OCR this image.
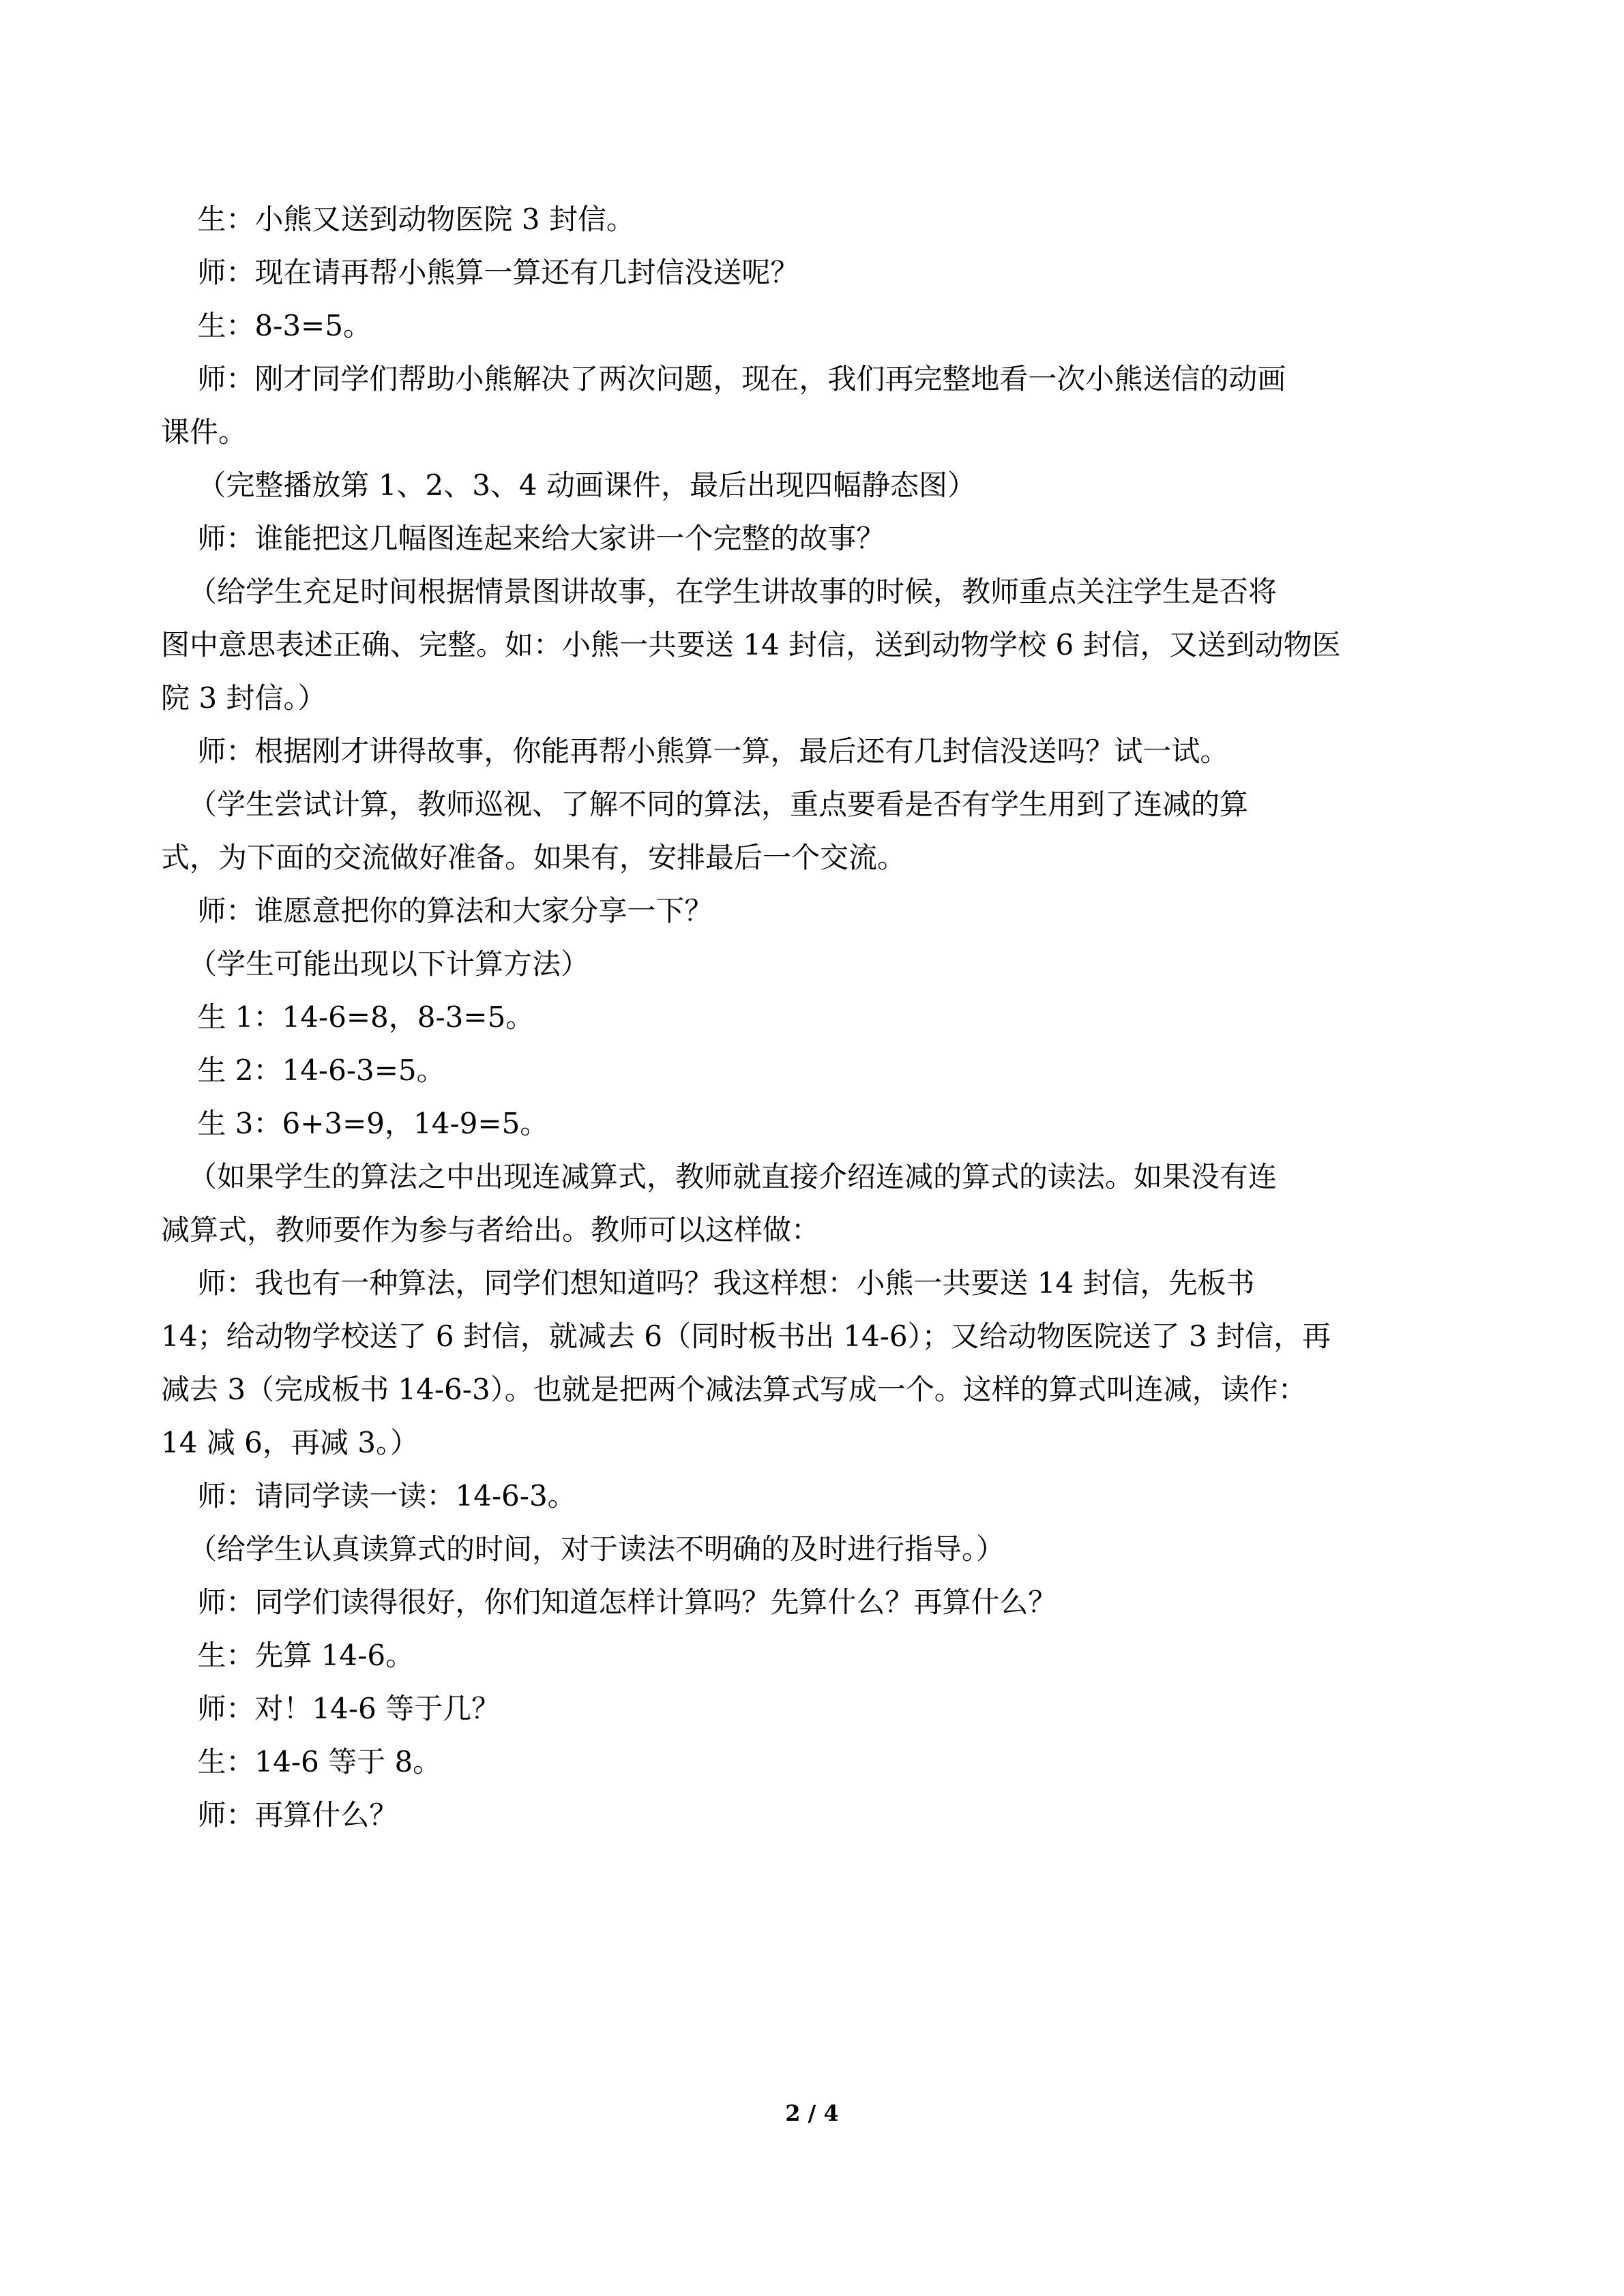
生：小熊又送到动物医院 3 封信。
师：现在请再帮小熊算一算还有几封信没送呢？
生：8-3=5。
师：刚才同学们帮助小熊解决了两次问题，现在，我们再完整地看一次小熊送信的动画
课件。
（完整播放第 1、2、3、4 动画课件，最后出现四幅静态图）
师：谁能把这几幅图连起来给大家讲一个完整的故事？
（给学生充足时间根据情景图讲故事，在学生讲故事的时候，教师重点关注学生是否将
图中意思表述正确、完整。如：小熊一共要送 14 封信，送到动物学校 6 封信，又送到动物医
院 3 封信。）
师：根据刚才讲得故事，你能再帮小熊算一算，最后还有几封信没送吗？试一试。
（学生尝试计算，教师巡视、了解不同的算法，重点要看是否有学生用到了连减的算
式，为下面的交流做好准备。如果有，安排最后一个交流。
师：谁愿意把你的算法和大家分享一下？
（学生可能出现以下计算方法）
生 1：14-6=8，8-3=5。
生 2：14-6-3=5。
生 3：6+3=9，14-9=5。
（如果学生的算法之中出现连减算式，教师就直接介绍连减的算式的读法。如果没有连
减算式，教师要作为参与者给出。教师可以这样做：
师：我也有一种算法，同学们想知道吗？我这样想：小熊一共要送 14 封信，先板书
14；给动物学校送了 6 封信，就减去 6（同时板书出 14-6）；又给动物医院送了 3 封信，再
减去 3（完成板书 14-6-3）。也就是把两个减法算式写成一个。这样的算式叫连减，读作：
14 减 6，再减 3。）
师：请同学读一读：14-6-3。
（给学生认真读算式的时间，对于读法不明确的及时进行指导。）
师：同学们读得很好，你们知道怎样计算吗？先算什么？再算什么？
生：先算 14-6。
师：对！14-6 等于几？
生：14-6 等于 8。
师：再算什么？
2 / 4
